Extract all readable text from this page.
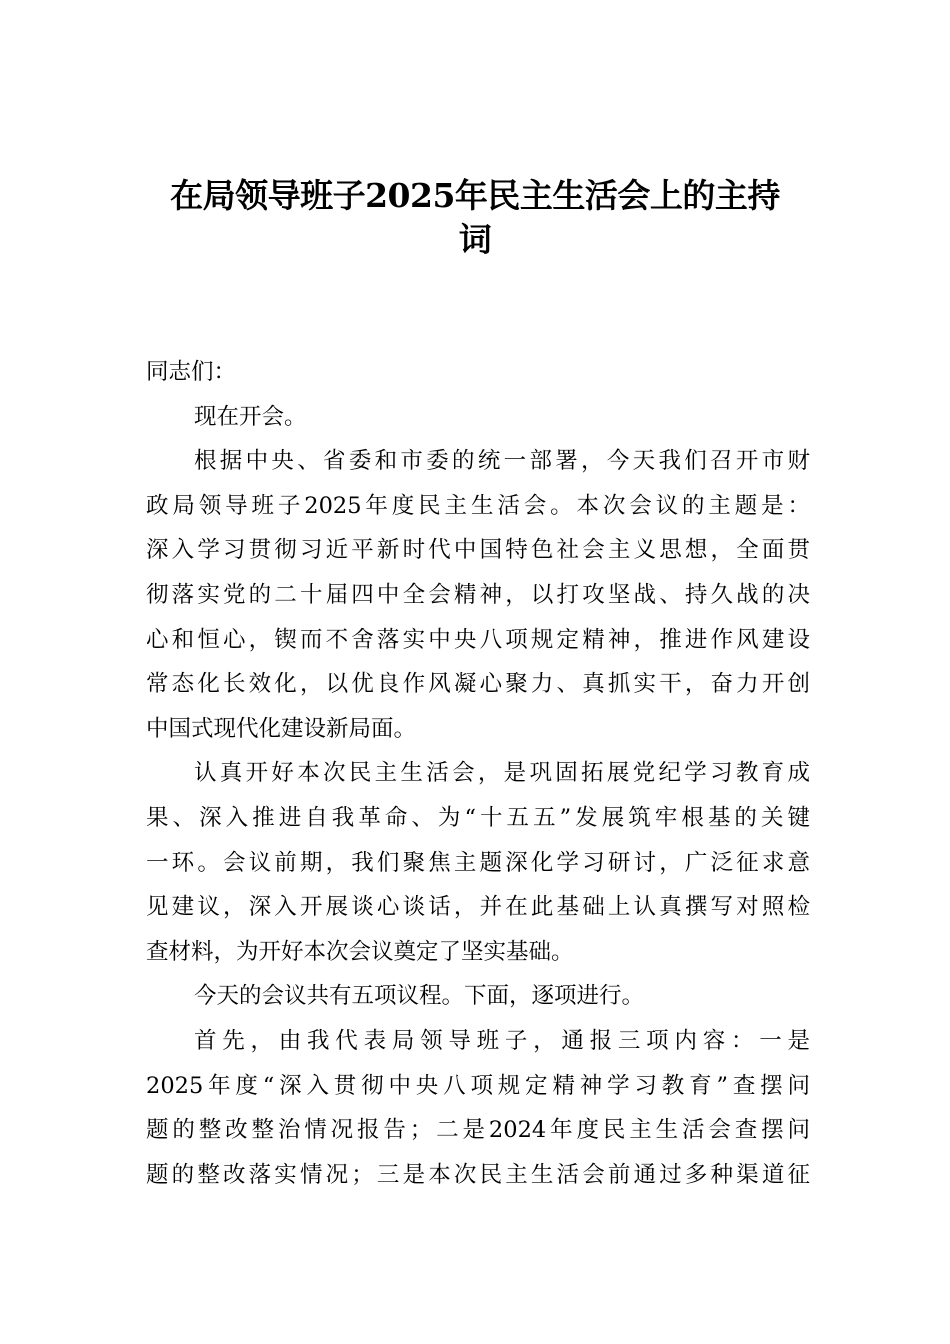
在局领导班子2025年民主生活会上的主持
词
同志们：
现在开会。
根据中央、省委和市委的统一部署，今天我们召开市财
政局领导班子2025年度民主生活会。本次会议的主题是：
深入学习贯彻习近平新时代中国特色社会主义思想，全面贯
彻落实党的二十届四中全会精神，以打攻坚战、持久战的决
心和恒心，锲而不舍落实中央八项规定精神，推进作风建设
常态化长效化，以优良作风凝心聚力、真抓实干，奋力开创
中国式现代化建设新局面。
认真开好本次民主生活会，是巩固拓展党纪学习教育成
果、深入推进自我革命、为“十五五”发展筑牢根基的关键
一环。会议前期，我们聚焦主题深化学习研讨，广泛征求意
见建议，深入开展谈心谈话，并在此基础上认真撰写对照检
查材料，为开好本次会议奠定了坚实基础。
今天的会议共有五项议程。下面，逐项进行。
首先，由我代表局领导班子，通报三项内容：一是
2025年度“深入贯彻中央八项规定精神学习教育”查摆问
题的整改整治情况报告；二是2024年度民主生活会查摆问
题的整改落实情况；三是本次民主生活会前通过多种渠道征
